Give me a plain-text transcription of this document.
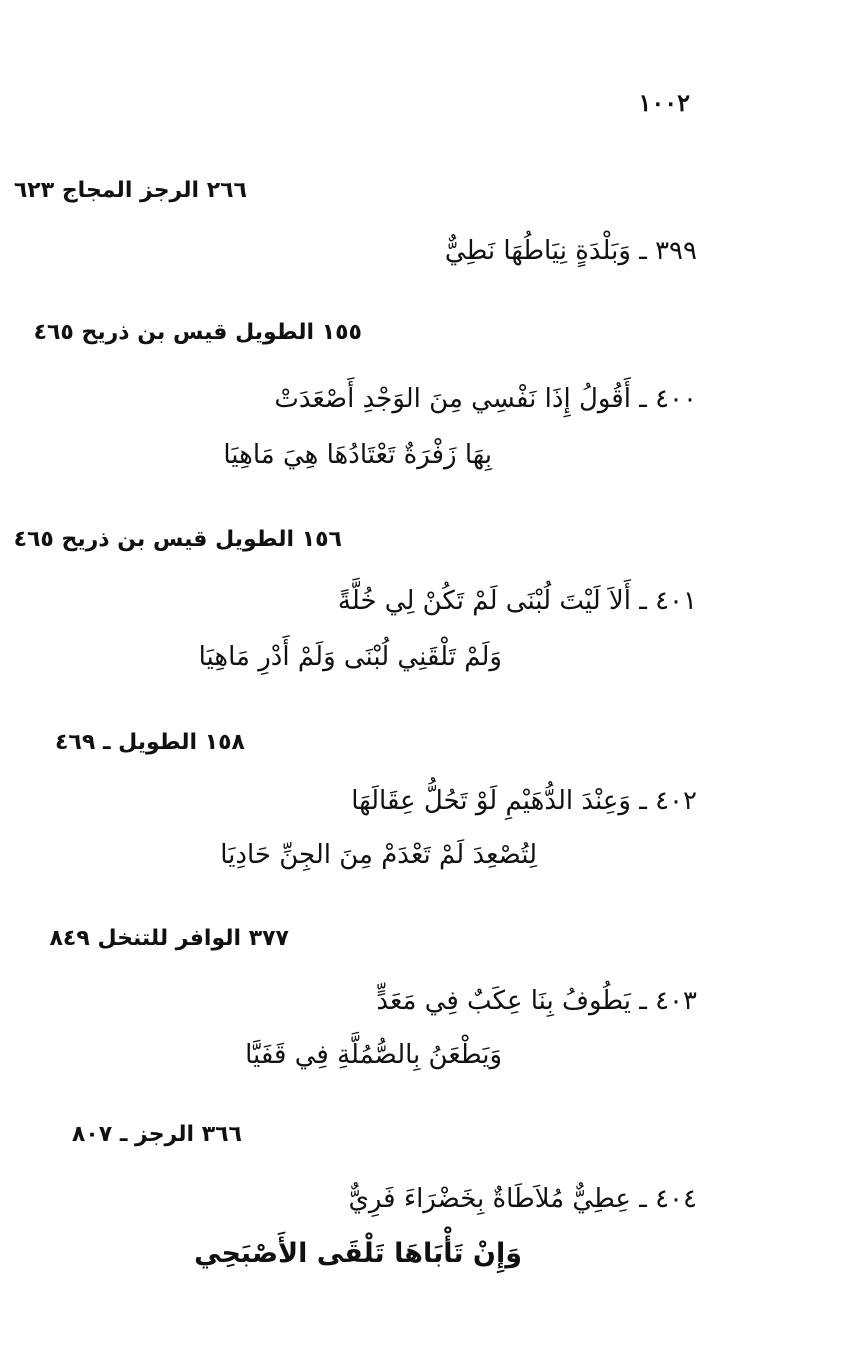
١٠٠٢
٢٦٦ الرجز المجاج ٦٢٣
٣٩٩ ـ وَبَلْدَةٍ نِيَاطُهَا نَطِيٌّ
١٥٥ الطويل قيس بن ذريح ٤٦٥
٤٠٠ ـ أَقُولُ إِذَا نَفْسِي مِنَ الوَجْدِ أَصْعَدَتْ
بِهَا زَفْرَةٌ تَعْتَادُهَا هِيَ مَاهِيَا
١٥٦ الطويل قيس بن ذريح ٤٦٥
٤٠١ ـ أَلاَ لَيْتَ لُبْنَى لَمْ تَكُنْ لِي خُلَّةً
وَلَمْ تَلْقَنِي لُبْنَى وَلَمْ أَدْرِ مَاهِيَا
١٥٨ الطويل ـ ٤٦٩
٤٠٢ ـ وَعِنْدَ الدُّهَيْمِ لَوْ تَحُلُّ عِقَالَهَا
لِتُصْعِدَ لَمْ تَعْدَمْ مِنَ الجِنِّ حَادِيَا
٣٧٧ الوافر للتنخل ٨٤٩
٤٠٣ ـ يَطُوفُ بِنَا عِكَبٌ فِي مَعَدٍّ
وَيَطْعَنُ بِالصُّمُلَّةِ فِي قَفَيَّا
٣٦٦ الرجز ـ ٨٠٧
٤٠٤ ـ عِطِيٌّ مُلاَطَاةٌ بِخَضْرَاءَ فَرِيٌّ
وَإِنْ تَأْبَاهَا تَلْقَى الأَصْبَحِي
